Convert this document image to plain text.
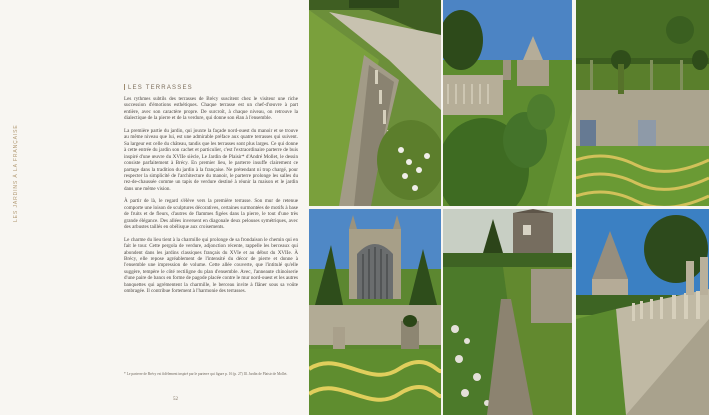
LES JARDINS À LA FRANÇAISE
LES TERRASSES

Les rythmes subtils des terrasses de Brécy suscitent chez le visiteur une riche succession d'émotions esthétiques. Chaque terrasse est un chef-d'œuvre à part entière, avec son caractère propre. De surcroît, à chaque niveau, on retrouve la dialectique de la pierre et de la verdure, qui donne son élan à l'ensemble.

La première partie du jardin, qui jouxte la façade nord-ouest du manoir et se trouve au même niveau que lui, est une admirable préface aux quatre terrasses qui suivent. Sa largeur est celle du château, tandis que les terrasses sont plus larges. Ce qui donne à cette entrée du jardin son cachet et particulier, c'est l'extraordinaire parterre de buis inspiré d'une œuvre du XVIIe siècle, Le Jardin de Plaisir* d'André Mollet, le dessin consiste parfaitement à Brécy. En premier lieu, le parterre insuffe clairement ce partage dans la tradition du jardin à la française. Ne prétendant ni trop chargé, pour respecter la simplicité de l'architecture du manoir, le parterre prolonge les salles du rez-de-chaussée comme un tapis de verdure destiné à réunir la maison et le jardin dans une même vision.

À partir de là, le regard s'élève vers la première terrasse. Son mur de retenue comporte une loison de sculptures décoratives, certaines surmontées de motifs à base de fruits et de fleurs, d'autres de flammes figées dans la pierre, le tout d'une très grande élégance. Des allées inversent en diagonale deux pelouses symétriques, avec des arbustes taillés en obélisque aux croisements.

Le charme du lieu tient à la charmille qui prolonge de sa frondaison le chemin qui en fait le tour. Cette pergola de verdure, adjonction récente, rappelle les berceaux qui abondent dans les jardins classiques français du XVIe et au début du XVIIe. À Brécy, elle repose agréablement de l'intensité du décor de pierre et donne à l'ensemble une impression de volume. Cette allée couverte, que l'intitulé qu'elle suggère, tempère le côté rectiligne du plan d'ensemble. Avec, l'anneaute chinoiserie d'une paire de bancs en forme de pagode placée contre le mur nord-ouest et les autres banquettes qui agrémentent la charmille, le berceau invite à flâner sous sa voûte ombragée. Il contribue fortement à l'harmonie des terrasses.

* Le parterre de Brécy est fidèlement inspiré par le parterre qui figure p. 16 (p. 27) Ill. Jardin de Plaisir de Mollet.
52
